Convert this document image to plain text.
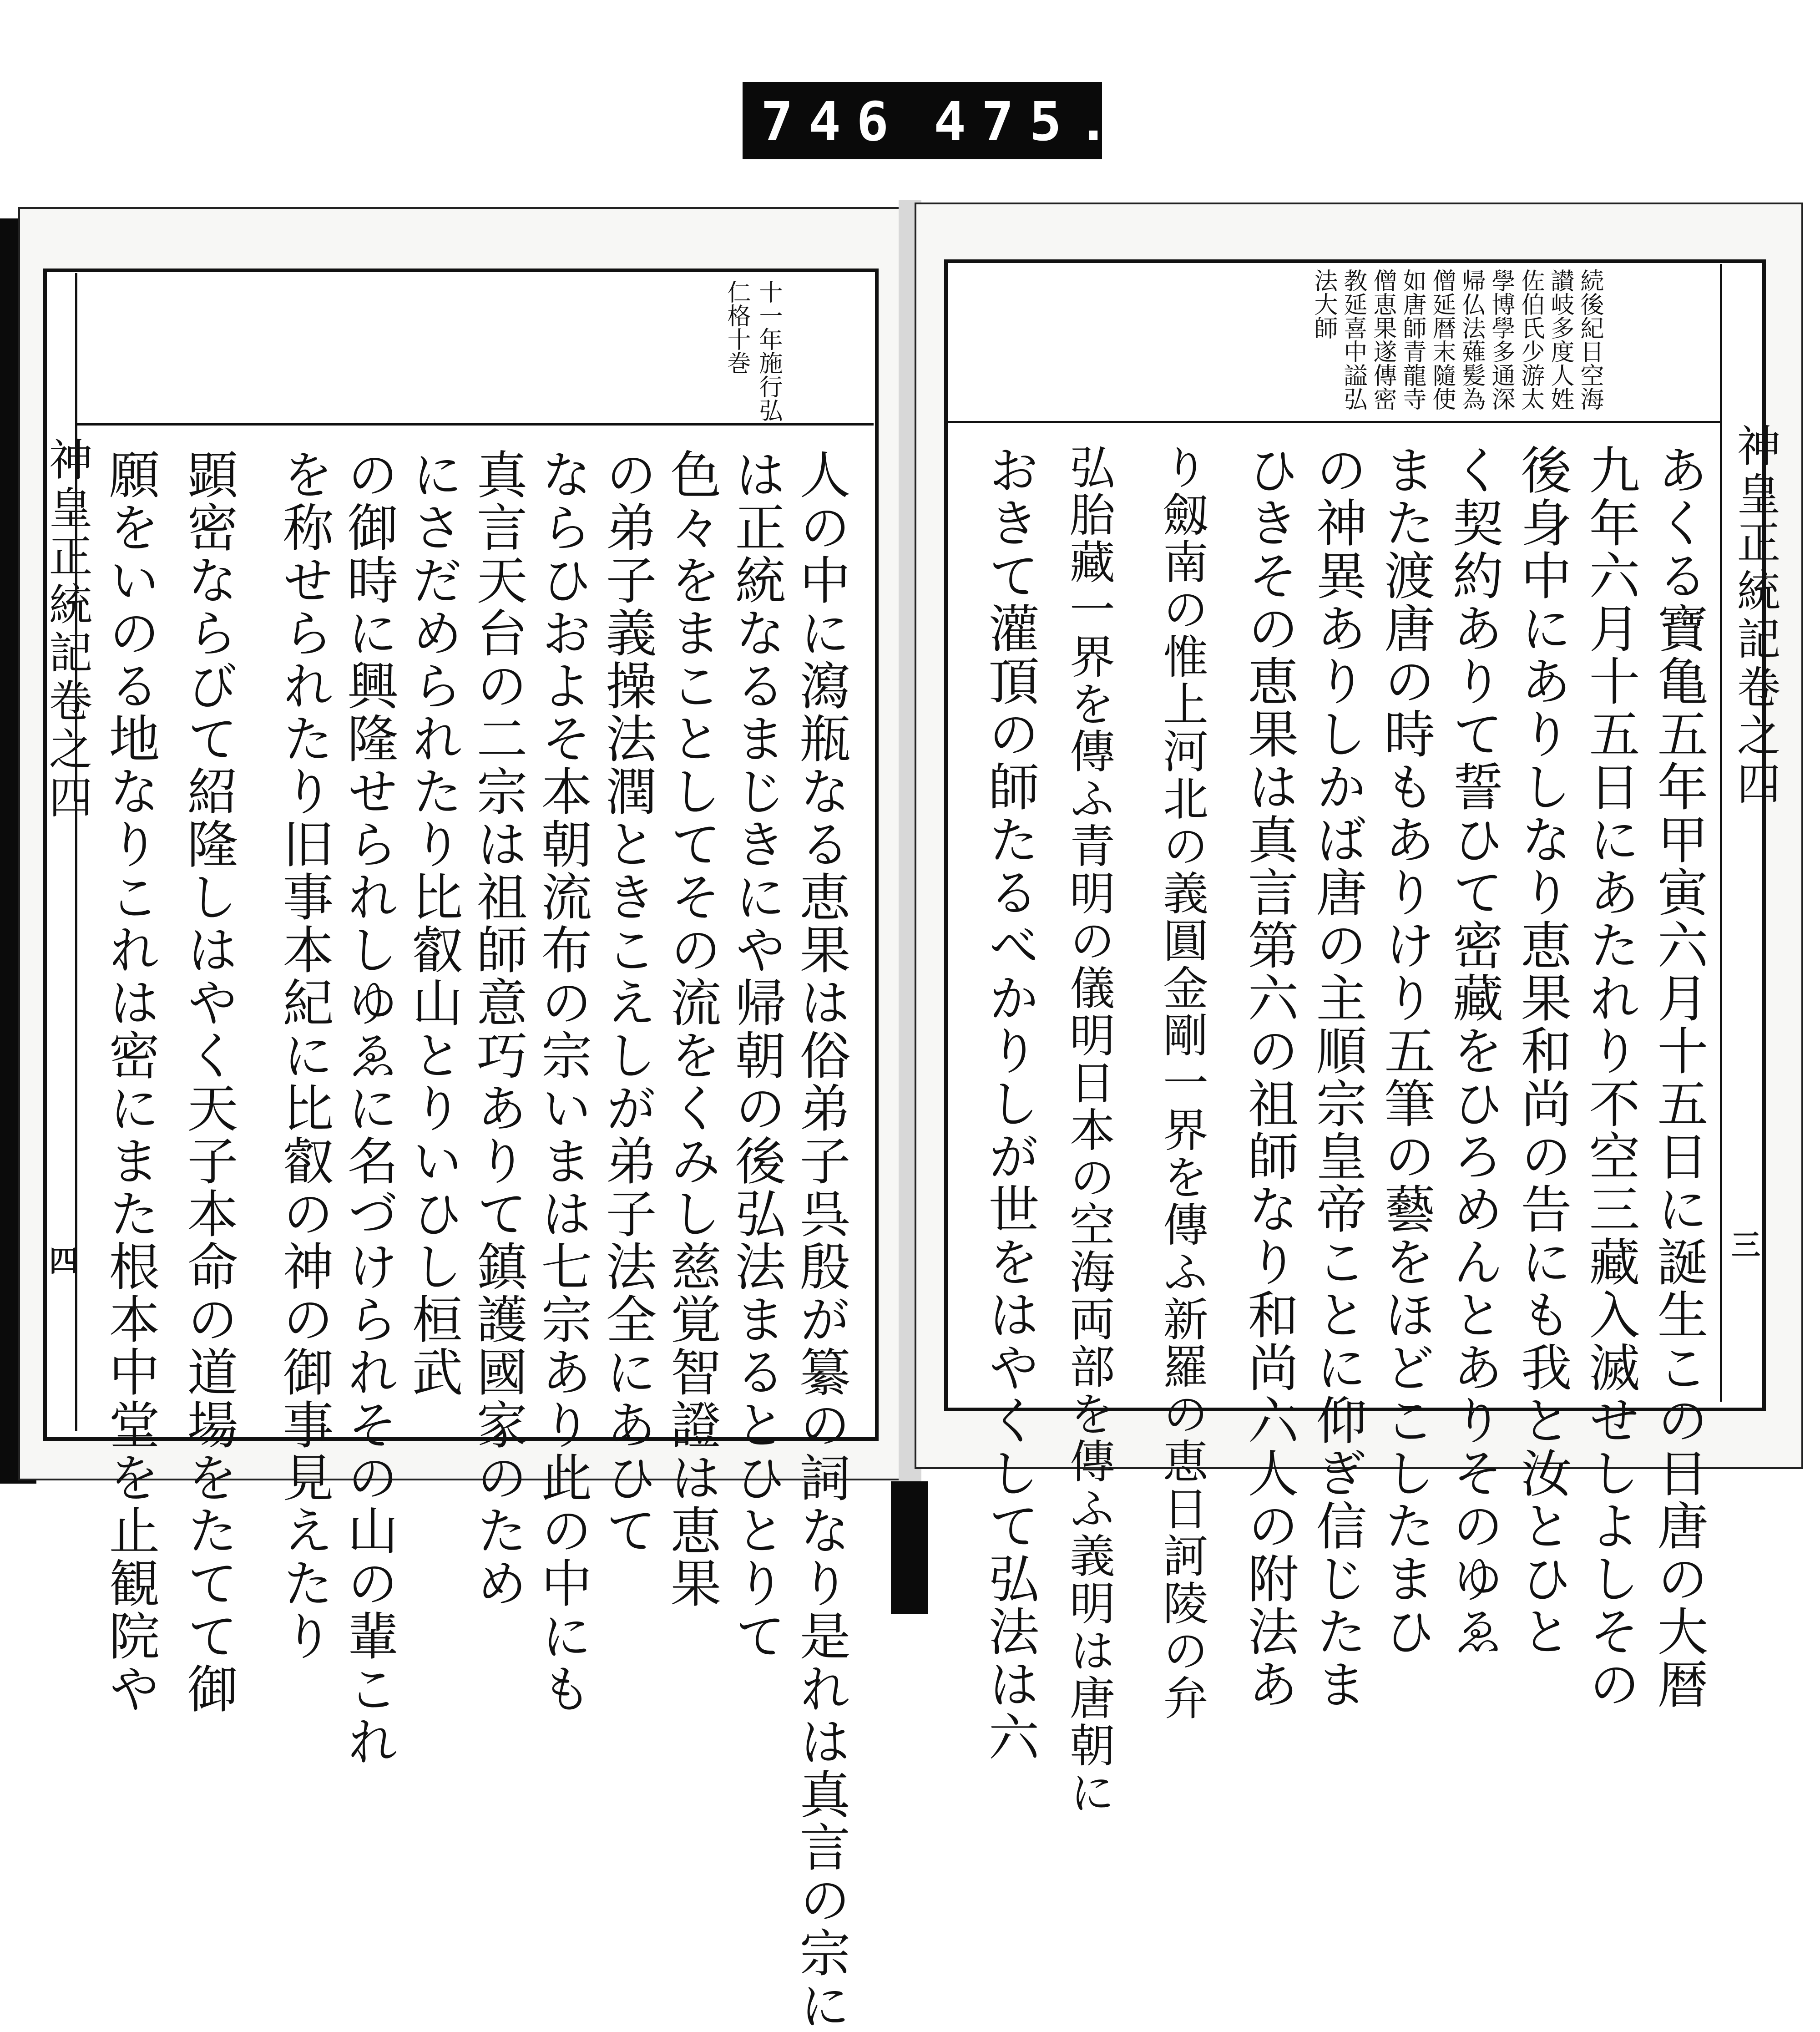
746 475.
神皇正統記卷之四
四
十一年施行弘
仁格十巻
人の中に瀉瓶なる恵果は俗弟子呉殷が纂の詞なり是れは真言の宗に
は正統なるまじきにや帰朝の後弘法まるとひとりて
色々をまことしてその流をくみし慈覚智證は恵果
の弟子義操法潤ときこえしが弟子法全にあひて
ならひおよそ本朝流布の宗いまは七宗あり此の中にも
真言天台の二宗は祖師意巧ありて鎮護國家のため
にさだめられたり比叡山とりいひし桓武
の御時に興隆せられしゆゑに名づけられその山の輩これ
を称せられたり旧事本紀に比叡の神の御事見えたり
顕密ならびて紹隆しはやく天子本命の道場をたてて御
願をいのる地なりこれは密にまた根本中堂を止観院や	神皇正統記卷之四
三
続後紀日空海
讃岐多度人姓
佐伯氏少游太
學博學多通深
帰仏法薙髪為
僧延暦末隨使
如唐師青龍寺
僧恵果遂傳密
教延喜中謚弘
法大師
あくる寶亀五年甲寅六月十五日に誕生この日唐の大暦
九年六月十五日にあたれり不空三藏入滅せしよしその
後身中にありしなり恵果和尚の告にも我と汝とひと
く契約ありて誓ひて密藏をひろめんとありそのゆゑ
また渡唐の時もありけり五筆の藝をほどこしたまひ
の神異ありしかば唐の主順宗皇帝ことに仰ぎ信じたま
ひきその恵果は真言第六の祖師なり和尚六人の附法あ
り劔南の惟上河北の義圓金剛一界を傳ふ新羅の恵日訶陵の弁
弘胎藏一界を傳ふ青明の儀明日本の空海両部を傳ふ義明は唐朝に
おきて灌頂の師たるべかりしが世をはやくして弘法は六
